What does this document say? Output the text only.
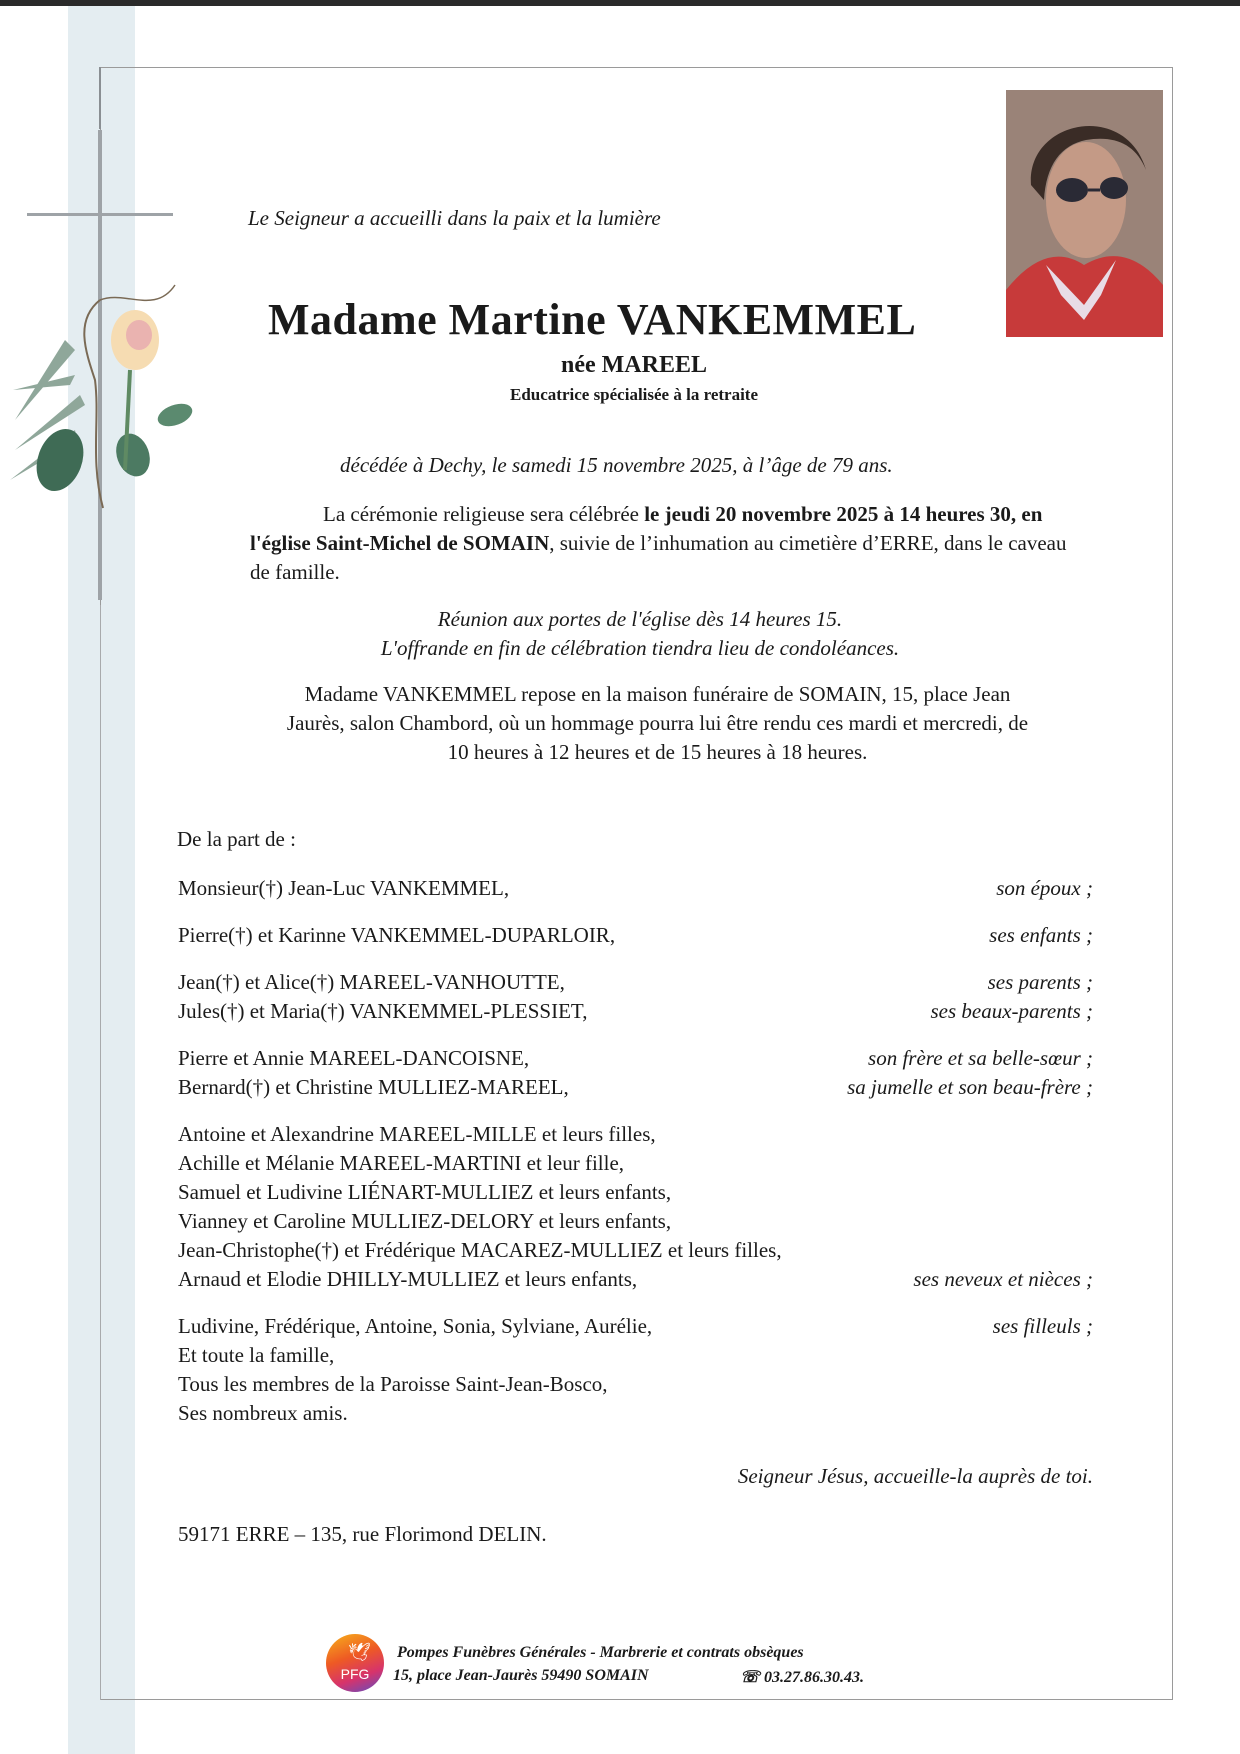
Le Seigneur a accueilli dans la paix et la lumière
Madame Martine VANKEMMEL
née MAREEL
Educatrice spécialisée à la retraite
décédée à Dechy, le samedi 15 novembre 2025, à l’âge de 79 ans.
La cérémonie religieuse sera célébrée le jeudi 20 novembre 2025 à 14 heures 30, en l'église Saint-Michel de SOMAIN, suivie de l’inhumation au cimetière d’ERRE, dans le caveau de famille.
Réunion aux portes de l'église dès 14 heures 15.
L'offrande en fin de célébration tiendra lieu de condoléances.
Madame VANKEMMEL repose en la maison funéraire de SOMAIN, 15, place Jean Jaurès, salon Chambord, où un hommage pourra lui être rendu ces mardi et mercredi, de 10 heures à 12 heures et de 15 heures à 18 heures.
De la part de :
Monsieur(†) Jean-Luc VANKEMMEL,	son époux ;
Pierre(†) et Karinne VANKEMMEL-DUPARLOIR,	ses enfants ;
Jean(†) et Alice(†) MAREEL-VANHOUTTE,	ses parents ;
Jules(†) et Maria(†) VANKEMMEL-PLESSIET,	ses beaux-parents ;
Pierre et Annie MAREEL-DANCOISNE,	son frère et sa belle-sœur ;
Bernard(†) et Christine MULLIEZ-MAREEL,	sa jumelle et son beau-frère ;
Antoine et Alexandrine MAREEL-MILLE et leurs filles,
Achille et Mélanie MAREEL-MARTINI et leur fille,
Samuel et Ludivine LIÉNART-MULLIEZ et leurs enfants,
Vianney et Caroline MULLIEZ-DELORY et leurs enfants,
Jean-Christophe(†) et Frédérique MACAREZ-MULLIEZ et leurs filles,
Arnaud et Elodie DHILLY-MULLIEZ et leurs enfants,	ses neveux et nièces ;
Ludivine, Frédérique, Antoine, Sonia, Sylviane, Aurélie,	ses filleuls ;
Et toute la famille,
Tous les membres de la Paroisse Saint-Jean-Bosco,
Ses nombreux amis.
Seigneur Jésus, accueille-la auprès de toi.
59171 ERRE – 135, rue Florimond DELIN.
🕊︎
PFG
Pompes Funèbres Générales - Marbrerie et contrats obsèques
15, place Jean-Jaurès 59490 SOMAIN	☏ 03.27.86.30.43.
